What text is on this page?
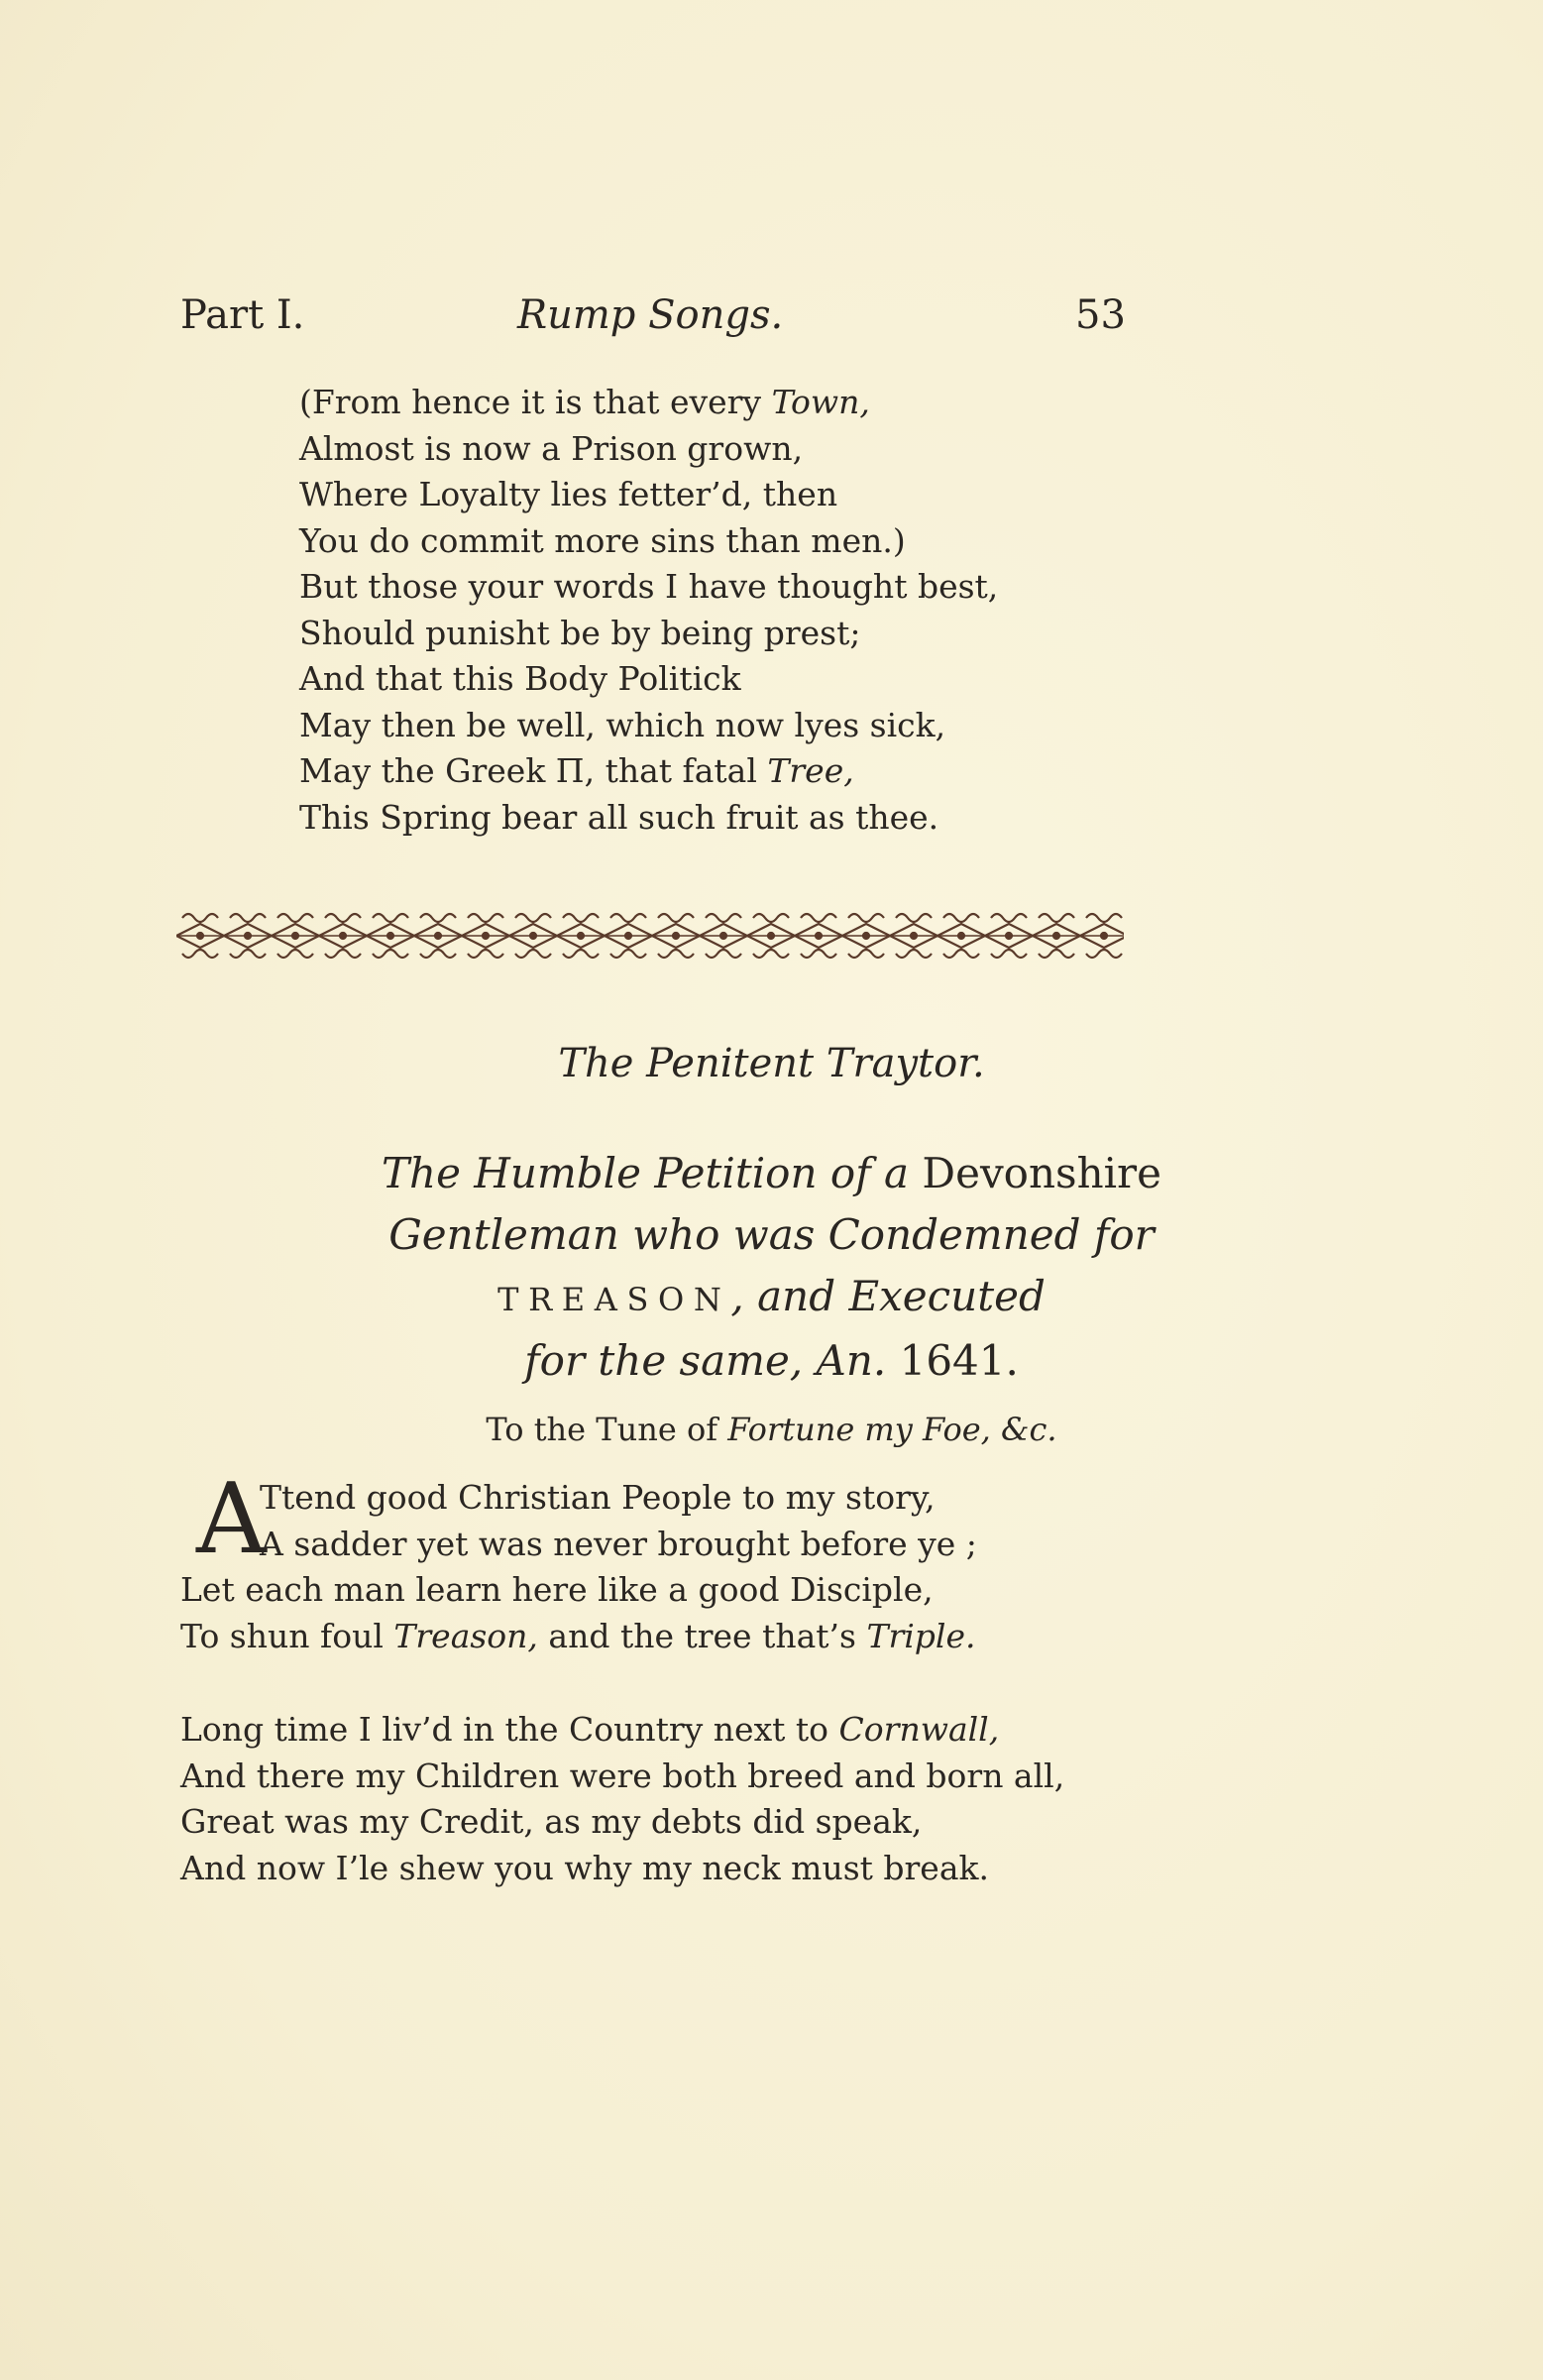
Part I.	Rump Songs.	53
(From hence it is that every Town,
Almost is now a Prison grown,
Where Loyalty lies fetter’d, then
You do commit more sins than men.)
But those your words I have thought best,
Should punisht be by being prest;
And that this Body Politick
May then be well, which now lyes sick,
May the Greek Π, that fatal Tree,
This Spring bear all such fruit as thee.
The Penitent Traytor.
The Humble Petition of a Devonshire
Gentleman who was Condemned for
TREASON, and Executed
for the same, An. 1641.
To the Tune of Fortune my Foe, &c.
A
Ttend good Christian People to my story,
A sadder yet was never brought before ye ;
Let each man learn here like a good Disciple,
To shun foul Treason, and the tree that’s Triple.
Long time I liv’d in the Country next to Cornwall,
And there my Children were both breed and born all,
Great was my Credit, as my debts did speak,
And now I’le shew you why my neck must break.
